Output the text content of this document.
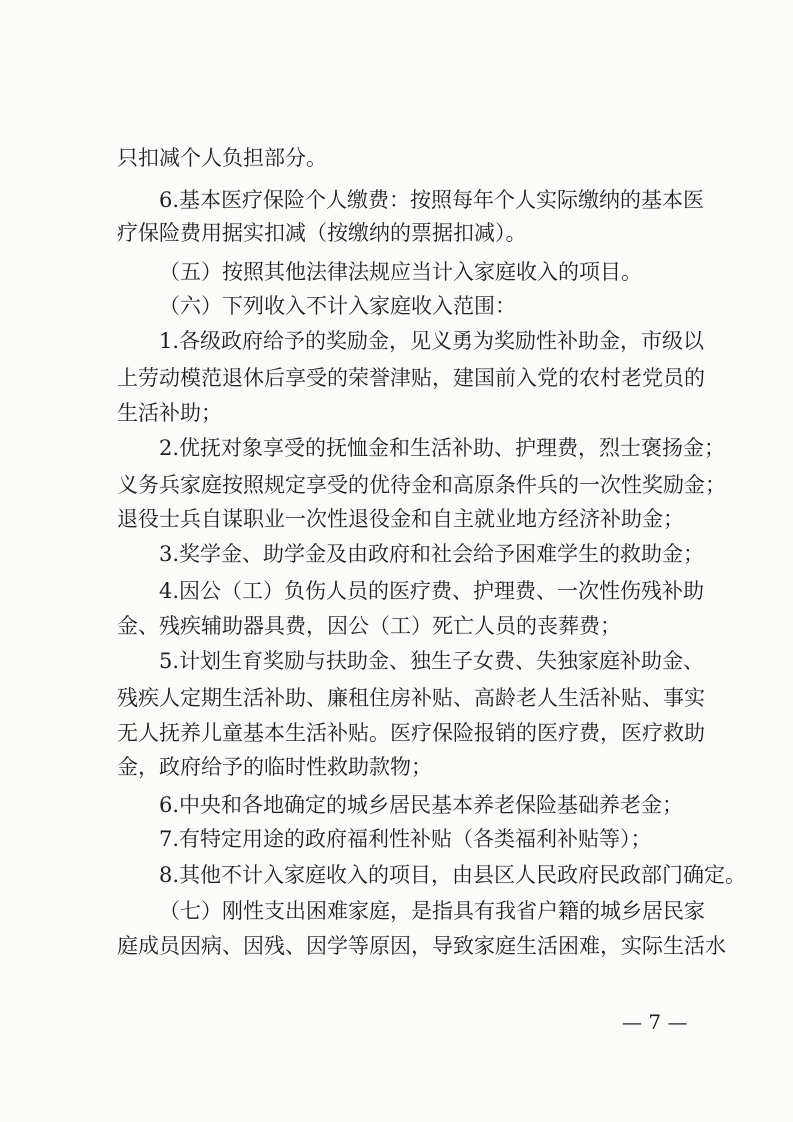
只扣减个人负担部分。
6.基本医疗保险个人缴费：按照每年个人实际缴纳的基本医
疗保险费用据实扣减（按缴纳的票据扣减）。
（五）按照其他法律法规应当计入家庭收入的项目。
（六）下列收入不计入家庭收入范围：
1.各级政府给予的奖励金，见义勇为奖励性补助金，市级以
上劳动模范退休后享受的荣誉津贴，建国前入党的农村老党员的
生活补助；
2.优抚对象享受的抚恤金和生活补助、护理费，烈士褒扬金；
义务兵家庭按照规定享受的优待金和高原条件兵的一次性奖励金；
退役士兵自谋职业一次性退役金和自主就业地方经济补助金；
3.奖学金、助学金及由政府和社会给予困难学生的救助金；
4.因公（工）负伤人员的医疗费、护理费、一次性伤残补助
金、残疾辅助器具费，因公（工）死亡人员的丧葬费；
5.计划生育奖励与扶助金、独生子女费、失独家庭补助金、
残疾人定期生活补助、廉租住房补贴、高龄老人生活补贴、事实
无人抚养儿童基本生活补贴。医疗保险报销的医疗费，医疗救助
金，政府给予的临时性救助款物；
6.中央和各地确定的城乡居民基本养老保险基础养老金；
7.有特定用途的政府福利性补贴（各类福利补贴等）；
8.其他不计入家庭收入的项目，由县区人民政府民政部门确定。
（七）刚性支出困难家庭，是指具有我省户籍的城乡居民家
庭成员因病、因残、因学等原因，导致家庭生活困难，实际生活水
— 7 —
